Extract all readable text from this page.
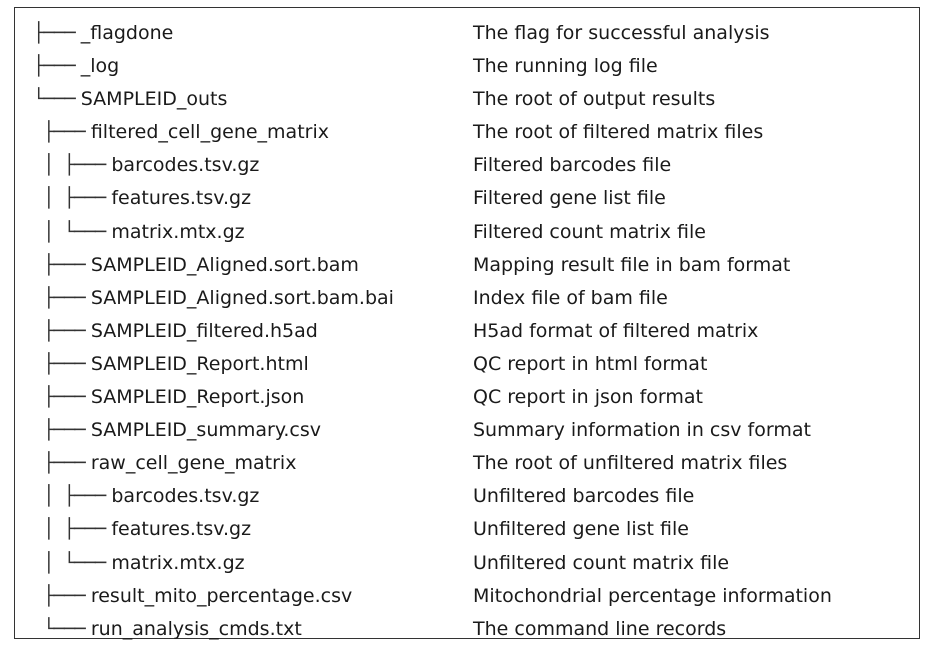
├─── _flagdone	The flag for successful analysis
├─── _log	The running log file
└─── SAMPLEID_outs	The root of output results
├─── filtered_cell_gene_matrix	The root of filtered matrix files
│  ├─── barcodes.tsv.gz	Filtered barcodes file
│  ├─── features.tsv.gz	Filtered gene list file
│  └─── matrix.mtx.gz	Filtered count matrix file
├─── SAMPLEID_Aligned.sort.bam	Mapping result file in bam format
├─── SAMPLEID_Aligned.sort.bam.bai	Index file of bam file
├─── SAMPLEID_filtered.h5ad	H5ad format of filtered matrix
├─── SAMPLEID_Report.html	QC report in html format
├─── SAMPLEID_Report.json	QC report in json format
├─── SAMPLEID_summary.csv	Summary information in csv format
├─── raw_cell_gene_matrix	The root of unfiltered matrix files
│  ├─── barcodes.tsv.gz	Unfiltered barcodes file
│  ├─── features.tsv.gz	Unfiltered gene list file
│  └─── matrix.mtx.gz	Unfiltered count matrix file
├─── result_mito_percentage.csv	Mitochondrial percentage information
└─── run_analysis_cmds.txt	The command line records
